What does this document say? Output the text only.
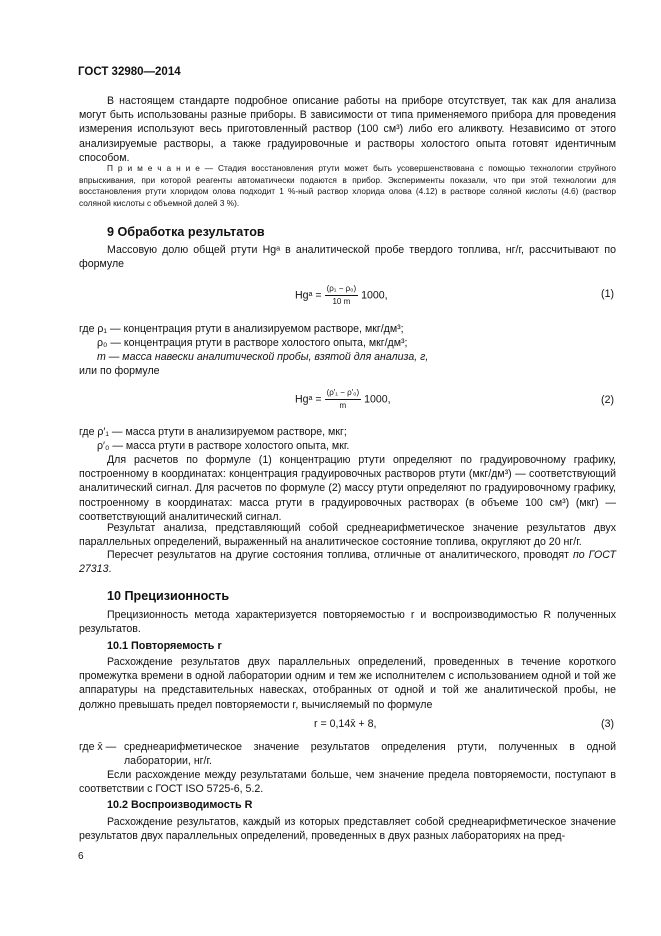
ГОСТ 32980—2014
В настоящем стандарте подробное описание работы на приборе отсутствует, так как для анализа могут быть использованы разные приборы. В зависимости от типа применяемого прибора для проведения измерения используют весь приготовленный раствор (100 см³) либо его аликвоту. Независимо от этого анализируемые растворы, а также градуировочные и растворы холостого опыта готовят идентичным способом.
П р и м е ч а н и е — Стадия восстановления ртути может быть усовершенствована с помощью технологии струйного впрыскивания, при которой реагенты автоматически подаются в прибор. Эксперименты показали, что при этой технологии для восстановления ртути хлоридом олова подходит 1 %-ный раствор хлорида олова (4.12) в растворе соляной кислоты (4.6) (раствор соляной кислоты с объемной долей 3 %).
9 Обработка результатов
Массовую долю общей ртути Hgᵃ в аналитической пробе твердого топлива, нг/г, рассчитывают по формуле
Hgᵃ = $\frac{\text{(ρ₁ − ρ₀)}}{10 m} 1000$,	(1)
где ρ₁ — концентрация ртути в анализируемом растворе, мкг/дм³;
ρ₀ — концентрация ртути в растворе холостого опыта, мкг/дм³;
m — масса навески аналитической пробы, взятой для анализа, г,
или по формуле
Hgᵃ = $\frac{\text{(ρ′₁ − ρ′₀)}}{m} 1000$,	(2)
где ρ′₁ — масса ртути в анализируемом растворе, мкг;
ρ′₀ — масса ртути в растворе холостого опыта, мкг.
Для расчетов по формуле (1) концентрацию ртути определяют по градуировочному графику, построенному в координатах: концентрация градуировочных растворов ртути (мкг/дм³) — соответствующий аналитический сигнал. Для расчетов по формуле (2) массу ртути определяют по градуировочному графику, построенному в координатах: масса ртути в градуировочных растворах (в объеме 100 см³) (мкг) — соответствующий аналитический сигнал.
Результат анализа, представляющий собой среднеарифметическое значение результатов двух параллельных определений, выраженный на аналитическое состояние топлива, округляют до 20 нг/г.
Пересчет результатов на другие состояния топлива, отличные от аналитического, проводят по ГОСТ 27313.
10 Прецизионность
Прецизионность метода характеризуется повторяемостью r и воспроизводимостью R полученных результатов.
10.1 Повторяемость r
Расхождение результатов двух параллельных определений, проведенных в течение короткого промежутка времени в одной лаборатории одним и тем же исполнителем с использованием одной и той же аппаратуры на представительных навесках, отобранных от одной и той же аналитической пробы, не должно превышать предел повторяемости r, вычисляемый по формуле
r = 0,14x̄ + 8,	(3)
где x̄ — среднеарифметическое значение результатов определения ртути, полученных в одной лаборатории, нг/г.
Если расхождение между результатами больше, чем значение предела повторяемости, поступают в соответствии с ГОСТ ISO 5725-6, 5.2.
10.2 Воспроизводимость R
Расхождение результатов, каждый из которых представляет собой среднеарифметическое значение результатов двух параллельных определений, проведенных в двух разных лабораториях на пред-
6
